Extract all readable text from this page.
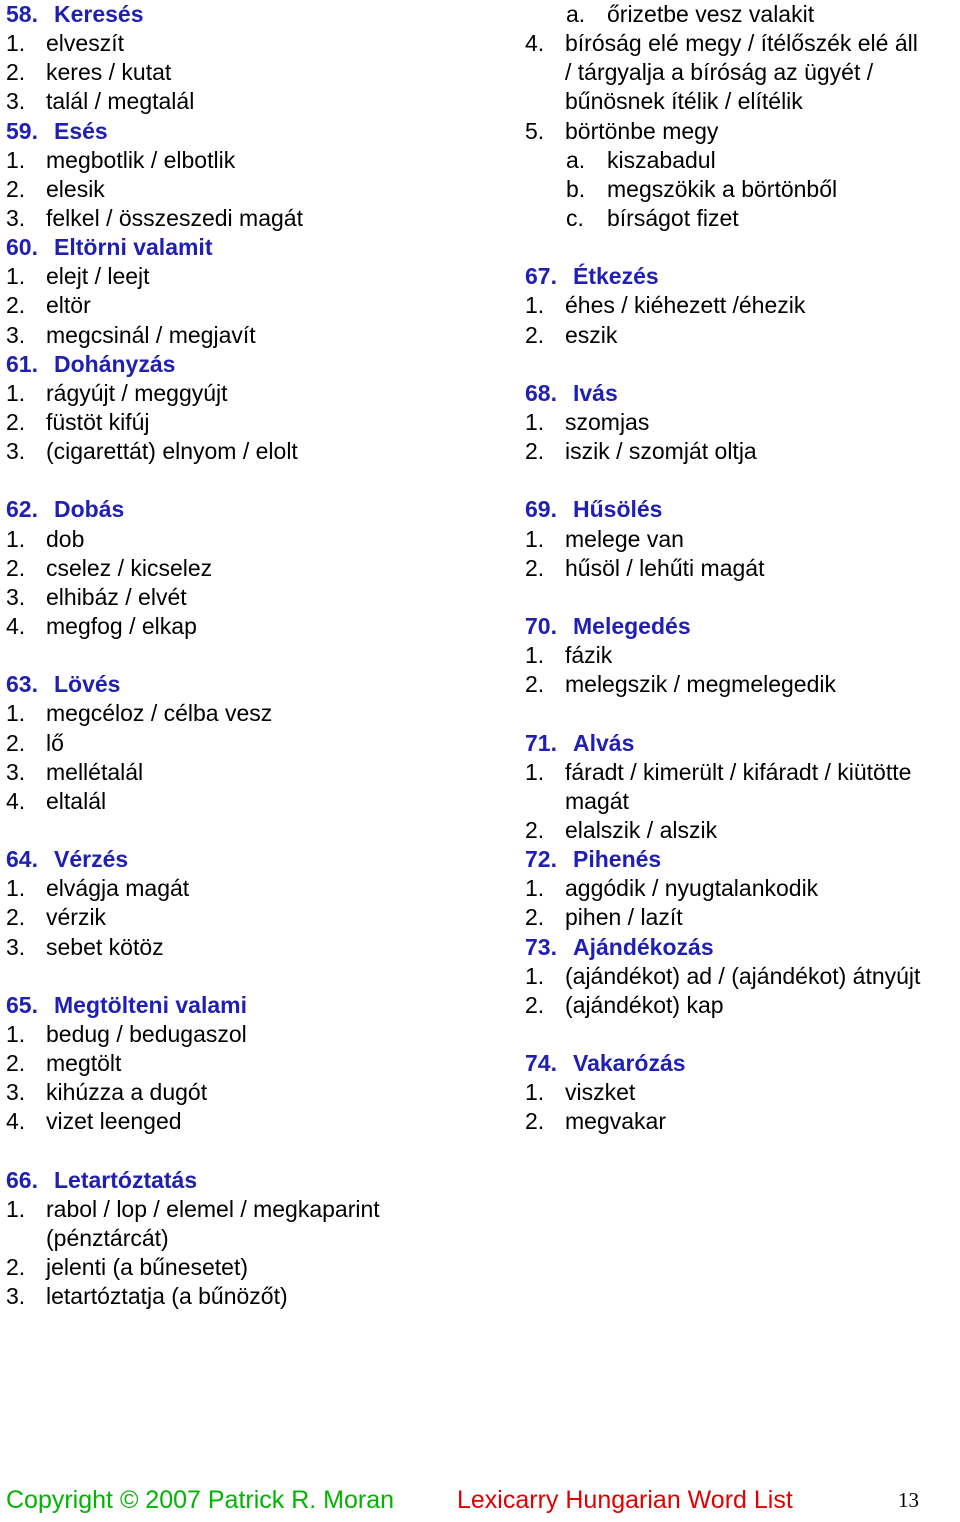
58. Keresés
1. elveszít
2. keres / kutat
3. talál / megtalál
59. Esés
1. megbotlik / elbotlik
2. elesik
3. felkel / összeszedi magát
60. Eltörni valamit
1. elejt / leejt
2. eltör
3. megcsinál / megjavít
61. Dohányzás
1. rágyújt / meggyújt
2. füstöt kifúj
3. (cigarettát) elnyom / elolt
62. Dobás
1. dob
2. cselez / kicselez
3. elhibáz / elvét
4. megfog / elkap
63. Lövés
1. megcéloz / célba vesz
2. lő
3. mellétalál
4. eltalál
64. Vérzés
1. elvágja magát
2. vérzik
3. sebet kötöz
65. Megtölteni valami
1. bedug / bedugaszol
2. megtölt
3. kihúzza a dugót
4. vizet leenged
66. Letartóztatás
1. rabol / lop / elemel / megkaparint
(pénztárcát)
2. jelenti (a bűnesetet)
3. letartóztatja (a bűnözőt)
a. őrizetbe vesz valakit
4. bíróság elé megy / ítélőszék elé áll
/ tárgyalja a bíróság az ügyét /
bűnösnek ítélik / elítélik
5. börtönbe megy
a. kiszabadul
b. megszökik a börtönből
c. bírságot fizet
67. Étkezés
1. éhes / kiéhezett /éhezik
2. eszik
68. Ivás
1. szomjas
2. iszik / szomját oltja
69. Hűsölés
1. melege van
2. hűsöl / lehűti magát
70. Melegedés
1. fázik
2. melegszik / megmelegedik
71. Alvás
1. fáradt / kimerült / kifáradt / kiütötte
magát
2. elalszik / alszik
72. Pihenés
1. aggódik / nyugtalankodik
2. pihen / lazít
73. Ajándékozás
1. (ajándékot) ad / (ajándékot) átnyújt
2. (ajándékot) kap
74. Vakarózás
1. viszket
2. megvakar
Copyright © 2007 Patrick R. Moran	Lexicarry Hungarian Word List	13
